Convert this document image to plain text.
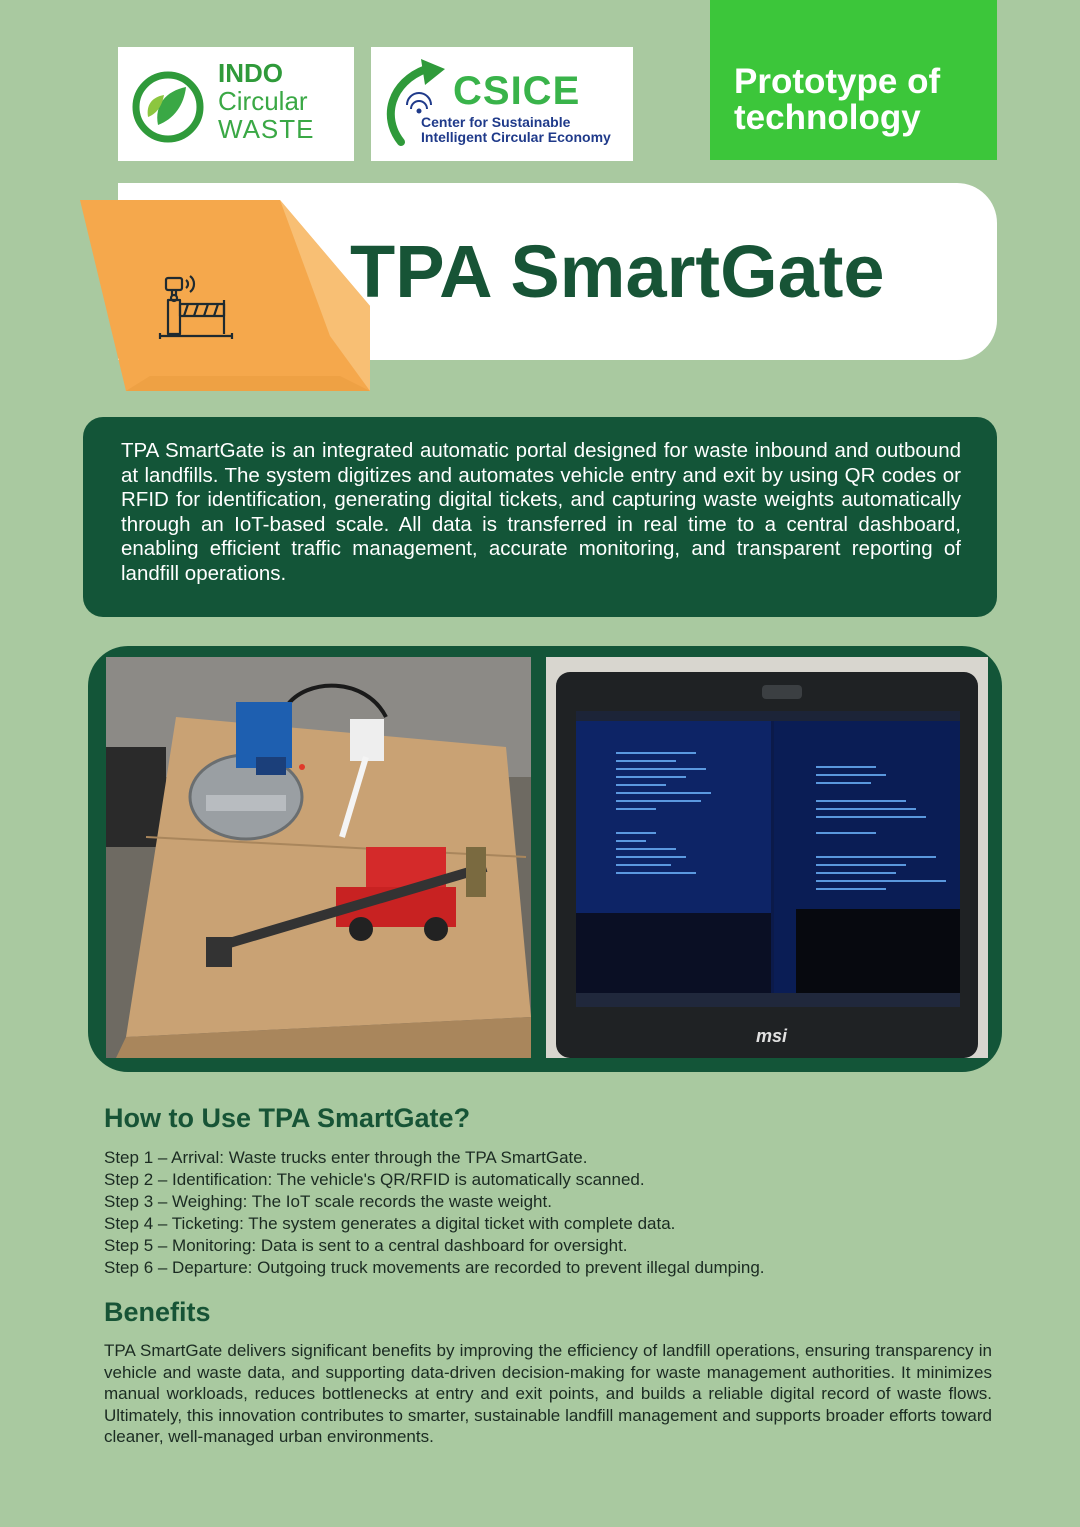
INDO
Circular
WASTE
CSICE
Center for Sustainable
Intelligent Circular Economy
Prototype of
technology
TPA SmartGate
TPA SmartGate is an integrated automatic portal designed for waste inbound and outbound at landfills. The system digitizes and automates vehicle entry and exit by using QR codes or RFID for identification, generating digital tickets, and capturing waste weights automatically through an IoT-based scale. All data is transferred in real time to a central dashboard, enabling efficient traffic management, accurate monitoring, and transparent reporting of landfill operations.
msi
How to Use TPA SmartGate?
Step 1 – Arrival: Waste trucks enter through the TPA SmartGate.
Step 2 – Identification: The vehicle's QR/RFID is automatically scanned.
Step 3 – Weighing: The IoT scale records the waste weight.
Step 4 – Ticketing: The system generates a digital ticket with complete data.
Step 5 – Monitoring: Data is sent to a central dashboard for oversight.
Step 6 – Departure: Outgoing truck movements are recorded to prevent illegal dumping.
Benefits
TPA SmartGate delivers significant benefits by improving the efficiency of landfill operations, ensuring transparency in vehicle and waste data, and supporting data-driven decision-making for waste management authorities. It minimizes manual workloads, reduces bottlenecks at entry and exit points, and builds a reliable digital record of waste flows. Ultimately, this innovation contributes to smarter, sustainable landfill management and supports broader efforts toward cleaner, well-managed urban environments.
